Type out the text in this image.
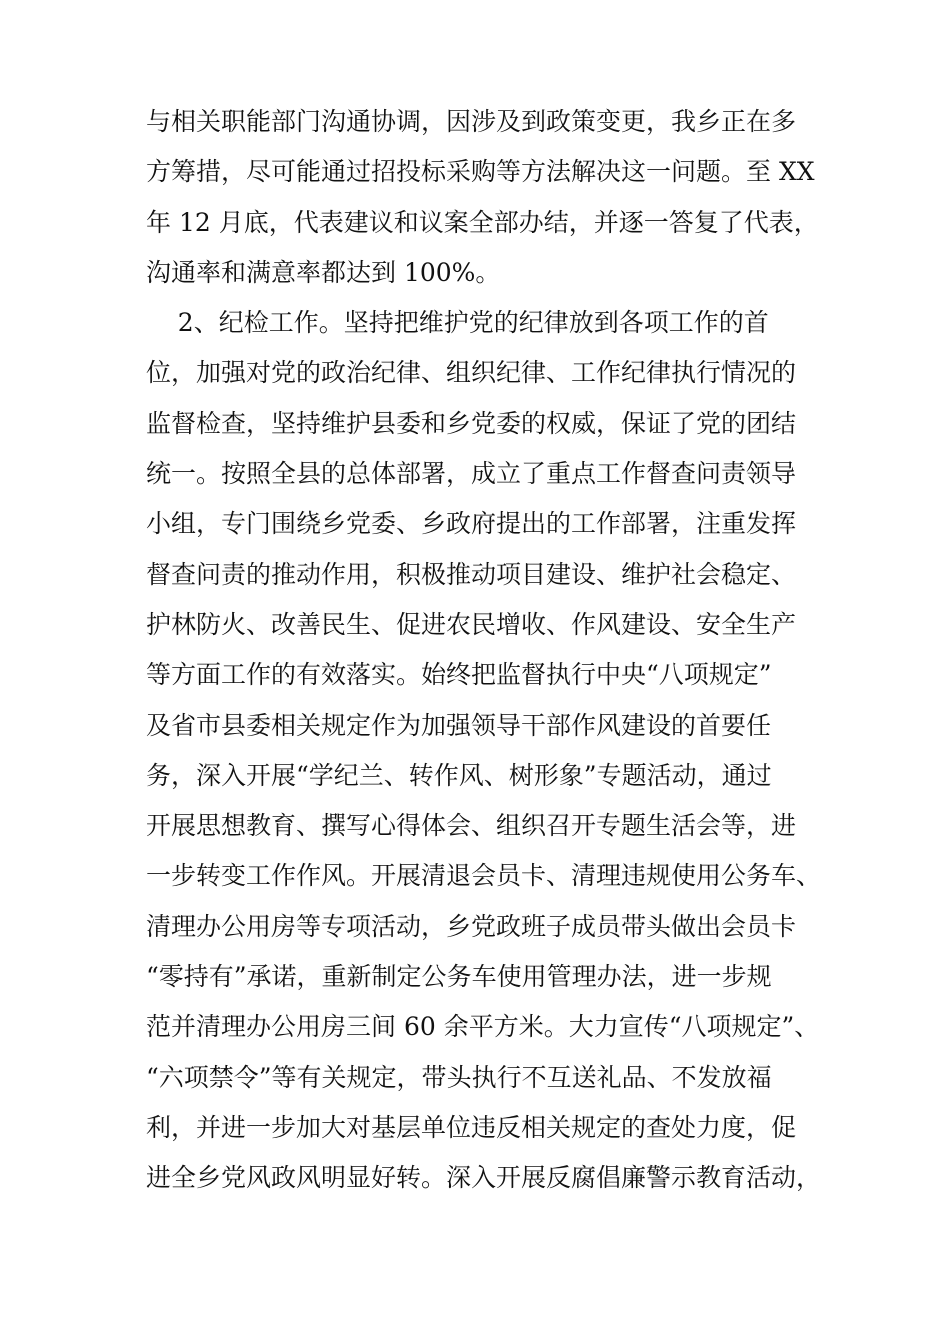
与相关职能部门沟通协调，因涉及到政策变更，我乡正在多
方筹措，尽可能通过招投标采购等方法解决这一问题。至 XX
年 12 月底，代表建议和议案全部办结，并逐一答复了代表，
沟通率和满意率都达到 100%。
2、纪检工作。坚持把维护党的纪律放到各项工作的首
位，加强对党的政治纪律、组织纪律、工作纪律执行情况的
监督检查，坚持维护县委和乡党委的权威，保证了党的团结
统一。按照全县的总体部署，成立了重点工作督查问责领导
小组，专门围绕乡党委、乡政府提出的工作部署，注重发挥
督查问责的推动作用，积极推动项目建设、维护社会稳定、
护林防火、改善民生、促进农民增收、作风建设、安全生产
等方面工作的有效落实。始终把监督执行中央“八项规定”
及省市县委相关规定作为加强领导干部作风建设的首要任
务，深入开展“学纪兰、转作风、树形象”专题活动，通过
开展思想教育、撰写心得体会、组织召开专题生活会等，进
一步转变工作作风。开展清退会员卡、清理违规使用公务车、
清理办公用房等专项活动，乡党政班子成员带头做出会员卡
“零持有”承诺，重新制定公务车使用管理办法，进一步规
范并清理办公用房三间 60 余平方米。大力宣传“八项规定”、
“六项禁令”等有关规定，带头执行不互送礼品、不发放福
利，并进一步加大对基层单位违反相关规定的查处力度，促
进全乡党风政风明显好转。深入开展反腐倡廉警示教育活动，
